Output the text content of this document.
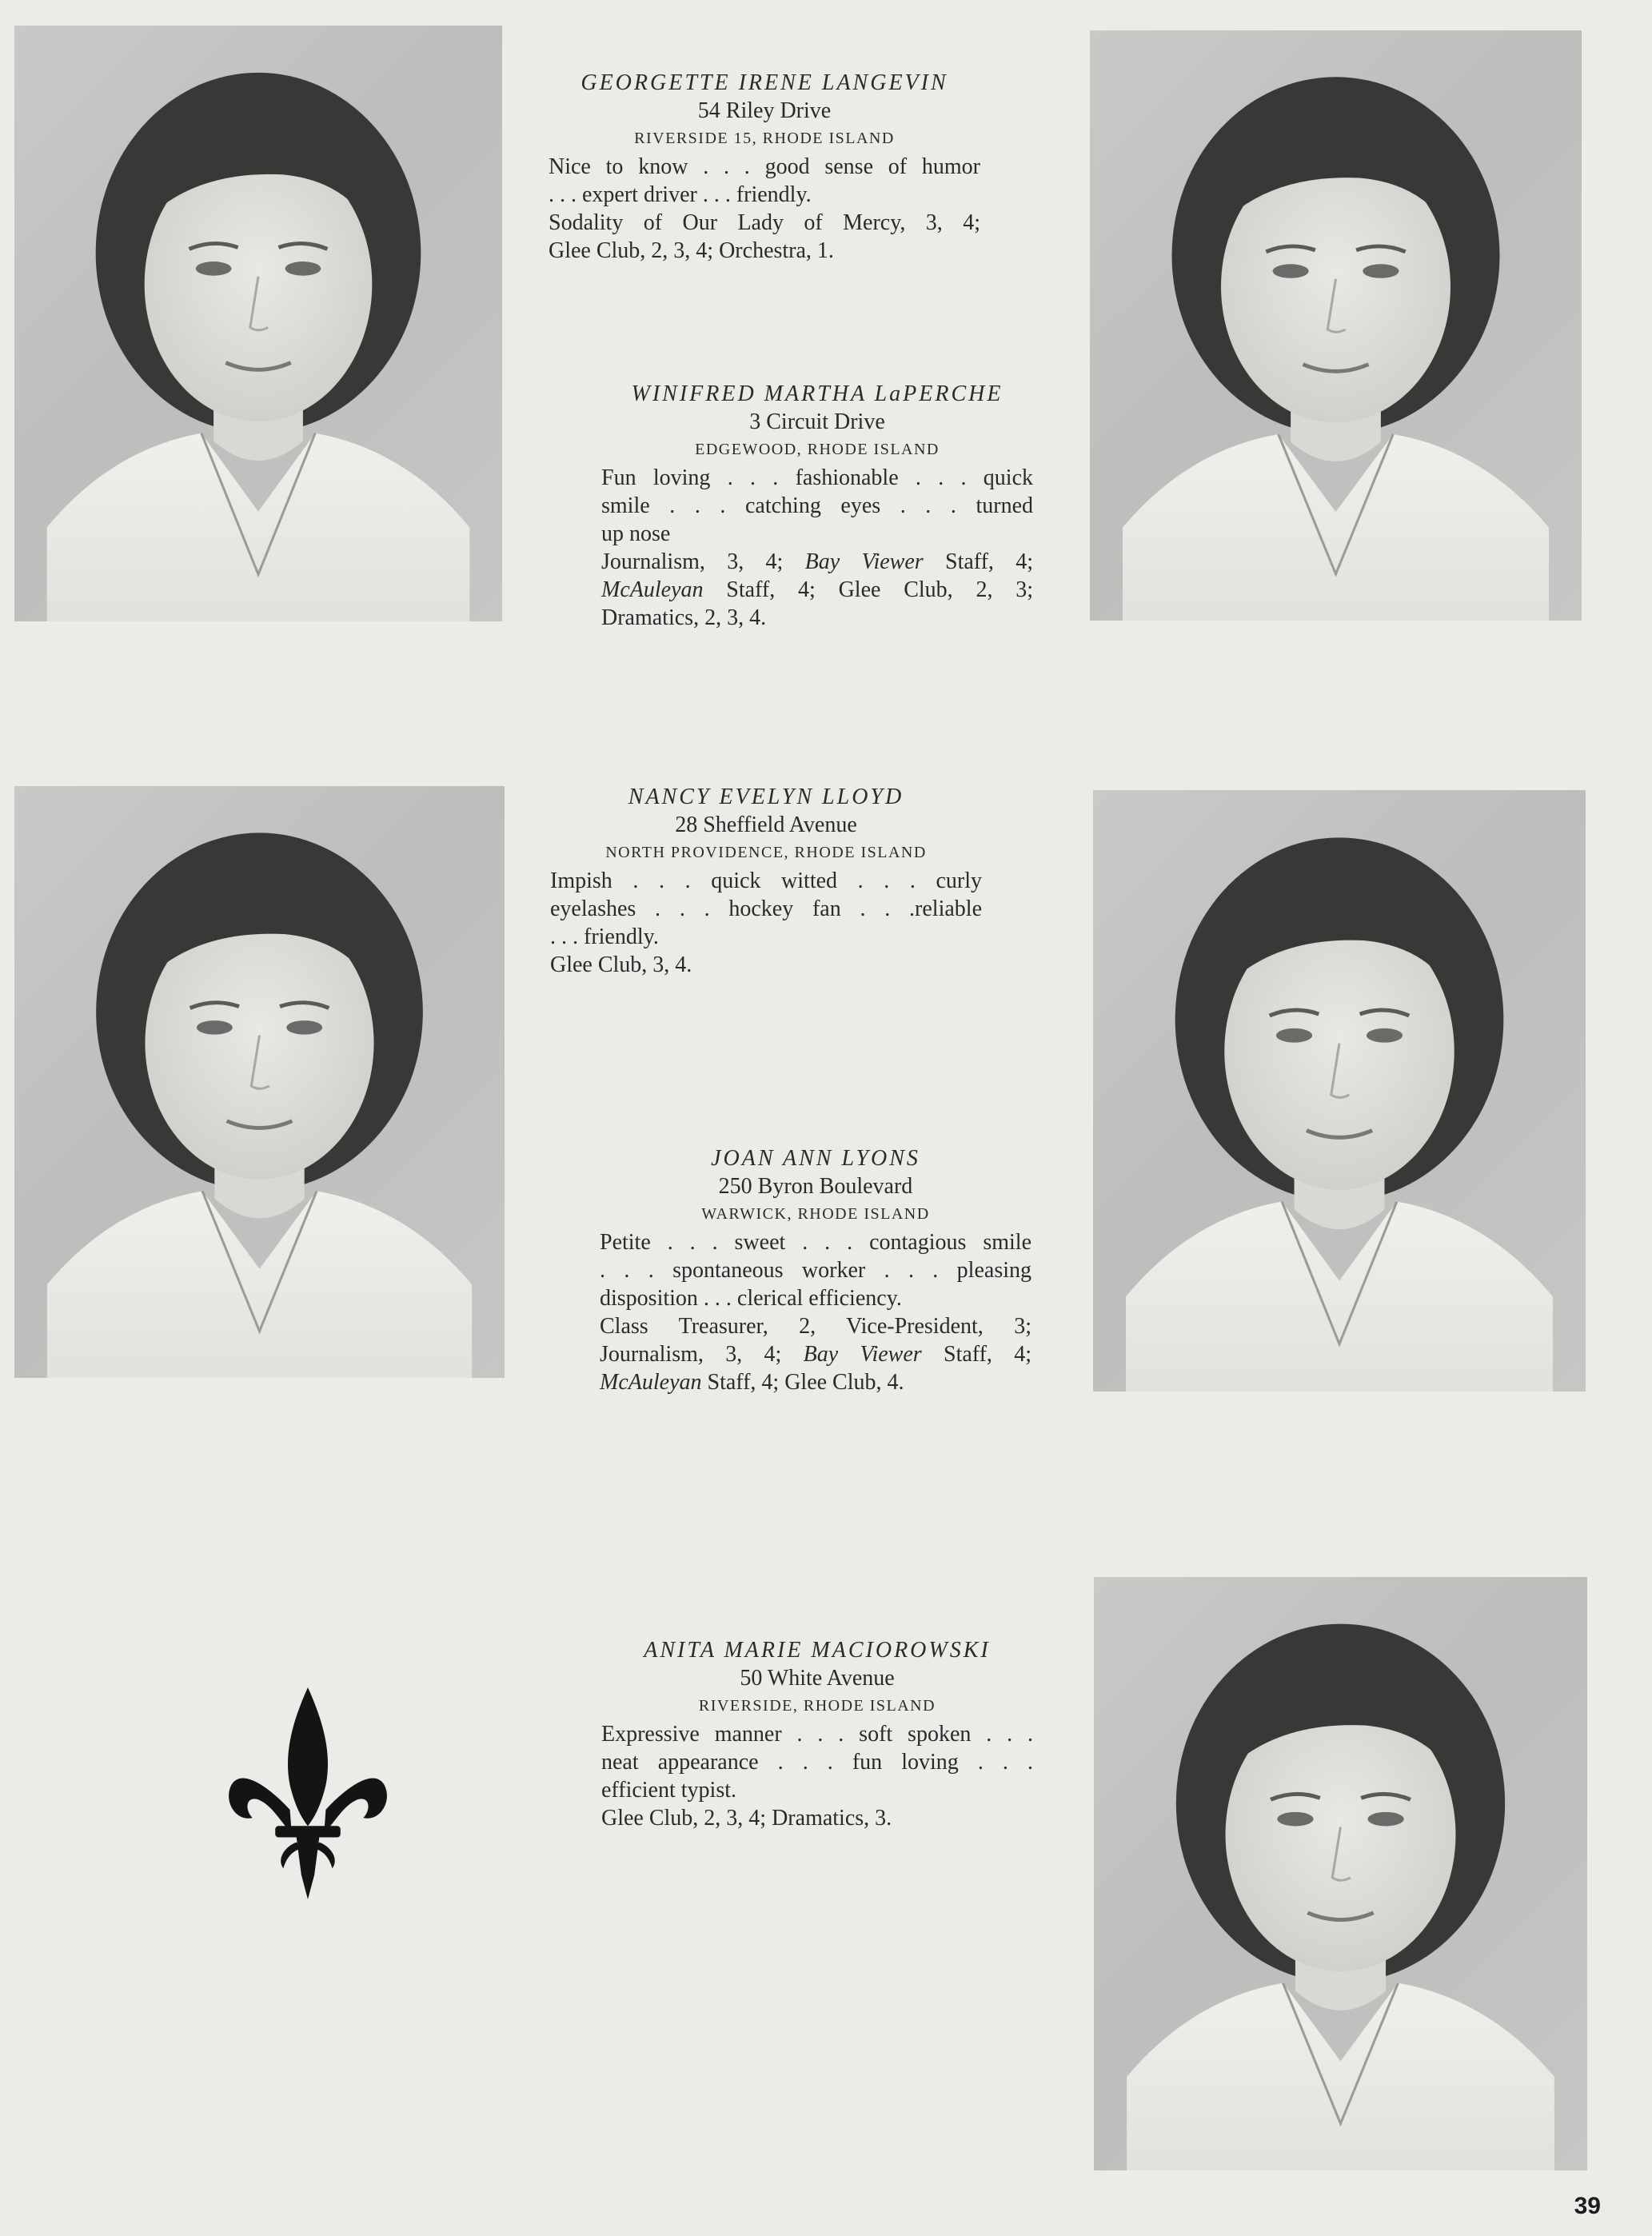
GEORGETTE IRENE LANGEVIN
54 Riley Drive
RIVERSIDE 15, RHODE ISLAND
Nice to know . . . good sense of humor
. . . expert driver . . . friendly.
Sodality of Our Lady of Mercy, 3, 4;
Glee Club, 2, 3, 4; Orchestra, 1.
WINIFRED MARTHA LaPERCHE
3 Circuit Drive
EDGEWOOD, RHODE ISLAND
Fun loving . . . fashionable . . . quick
smile . . . catching eyes . . . turned
up nose
Journalism, 3, 4; Bay Viewer Staff, 4;
McAuleyan Staff, 4; Glee Club, 2, 3;
Dramatics, 2, 3, 4.
NANCY EVELYN LLOYD
28 Sheffield Avenue
NORTH PROVIDENCE, RHODE ISLAND
Impish . . . quick witted . . . curly
eyelashes . . . hockey fan . . .reliable
. . . friendly.
Glee Club, 3, 4.
JOAN ANN LYONS
250 Byron Boulevard
WARWICK, RHODE ISLAND
Petite . . . sweet . . . contagious smile
. . . spontaneous worker . . . pleasing
disposition . . . clerical efficiency.
Class Treasurer, 2, Vice-President, 3;
Journalism, 3, 4; Bay Viewer Staff, 4;
McAuleyan Staff, 4; Glee Club, 4.
ANITA MARIE MACIOROWSKI
50 White Avenue
RIVERSIDE, RHODE ISLAND
Expressive manner . . . soft spoken . . .
neat appearance . . . fun loving . . .
efficient typist.
Glee Club, 2, 3, 4; Dramatics, 3.
39
